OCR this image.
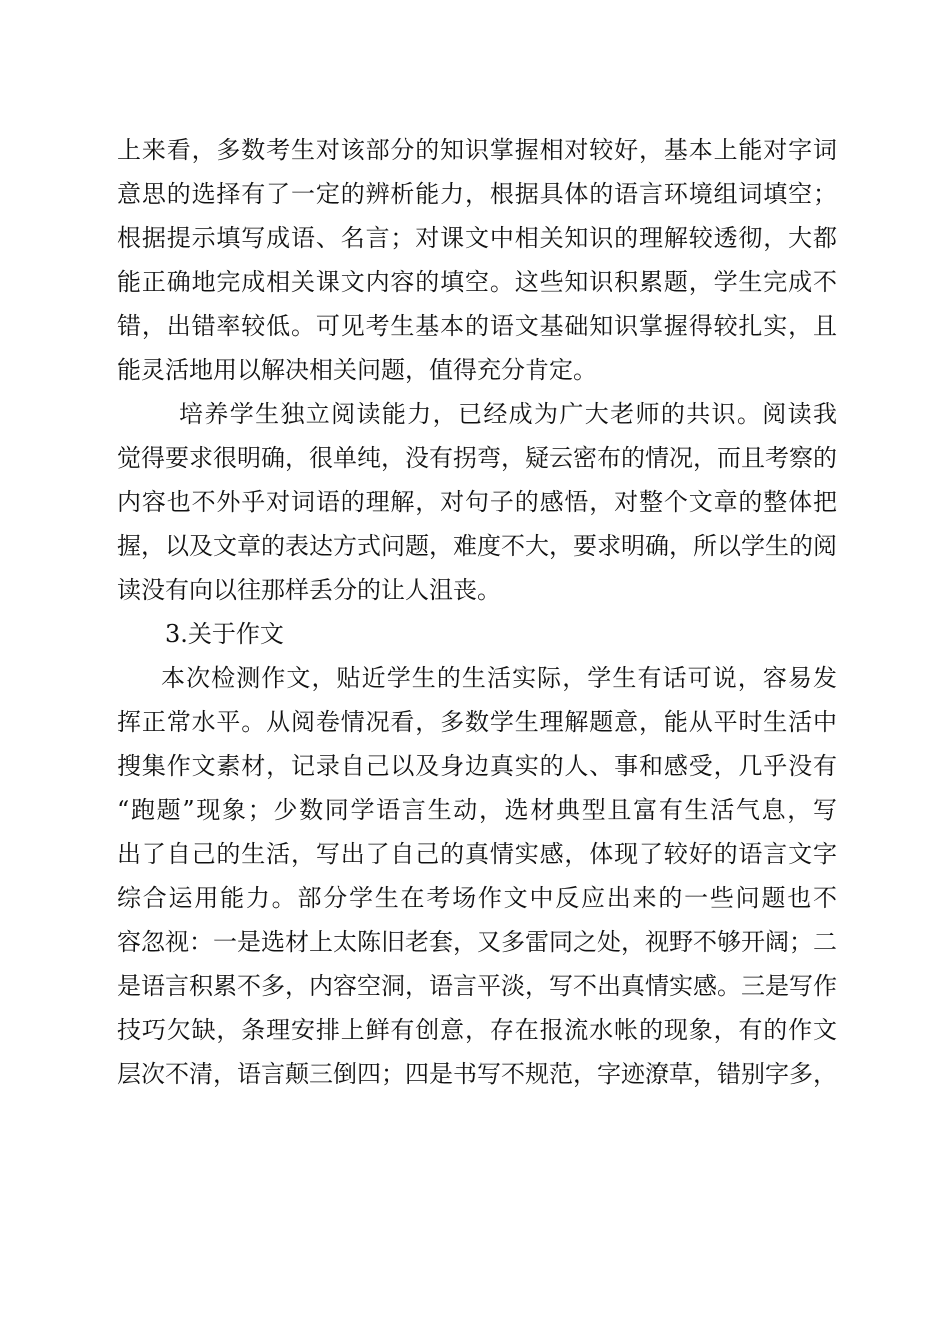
上来看，多数考生对该部分的知识掌握相对较好，基本上能对字词
意思的选择有了一定的辨析能力，根据具体的语言环境组词填空；
根据提示填写成语、名言；对课文中相关知识的理解较透彻，大都
能正确地完成相关课文内容的填空。这些知识积累题，学生完成不
错，出错率较低。可见考生基本的语文基础知识掌握得较扎实，且
能灵活地用以解决相关问题，值得充分肯定。
培养学生独立阅读能力，已经成为广大老师的共识。阅读我
觉得要求很明确，很单纯，没有拐弯，疑云密布的情况，而且考察的
内容也不外乎对词语的理解，对句子的感悟，对整个文章的整体把
握，以及文章的表达方式问题，难度不大，要求明确，所以学生的阅
读没有向以往那样丢分的让人沮丧。
3.关于作文
本次检测作文，贴近学生的生活实际，学生有话可说，容易发
挥正常水平。从阅卷情况看，多数学生理解题意，能从平时生活中
搜集作文素材，记录自己以及身边真实的人、事和感受，几乎没有
“跑题”现象；少数同学语言生动，选材典型且富有生活气息，写
出了自己的生活，写出了自己的真情实感，体现了较好的语言文字
综合运用能力。部分学生在考场作文中反应出来的一些问题也不
容忽视：一是选材上太陈旧老套，又多雷同之处，视野不够开阔；二
是语言积累不多，内容空洞，语言平淡，写不出真情实感。三是写作
技巧欠缺，条理安排上鲜有创意，存在报流水帐的现象，有的作文
层次不清，语言颠三倒四；四是书写不规范，字迹潦草，错别字多，
